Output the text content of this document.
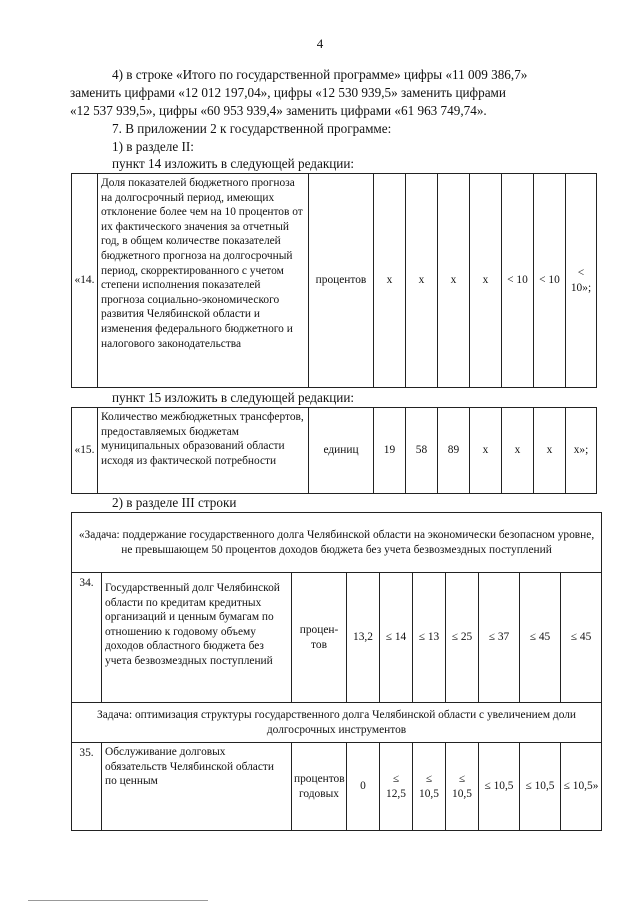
4
4) в строке «Итого по государственной программе» цифры «11 009 386,7»
заменить цифрами «12 012 197,04», цифры «12 530 939,5» заменить цифрами
«12 537 939,5», цифры «60 953 939,4» заменить цифрами «61 963 749,74».
7. В приложении 2 к государственной программе:
1) в разделе II:
пункт 14 изложить в следующей редакции:
«14.	Доля показателей бюджетного прогноза на долгосрочный период, имеющих отклонение более чем на 10 процентов от их фактического значения за отчетный год, в общем количестве показателей бюджетного прогноза на долгосрочный период, скорректированного с учетом степени исполнения показателей прогноза социально-экономического развития Челябинской области и изменения федерального бюджетного и налогового законодательства	процентов	x	x	x	x	< 10	< 10	< 10»;
пункт 15 изложить в следующей редакции:
«15.	Количество межбюджетных трансфертов, предоставляемых бюджетам муниципальных образований области исходя из фактической потребности	единиц	19	58	89	x	x	x	x»;
2) в разделе III строки
«Задача: поддержание государственного долга Челябинской области на экономически безопасном уровне, не превышающем 50 процентов доходов бюджета без учета безвозмездных поступлений									
34.	Государственный долг Челябинской области по кредитам кредитных организаций и ценным бумагам по отношению к годовому объему доходов областного бюджета без учета безвозмездных поступлений	процен-тов	13,2	≤ 14	≤ 13	≤ 25	≤ 37	≤ 45	≤ 45
Задача: оптимизация структуры государственного долга Челябинской области с увеличением доли долгосрочных инструментов									
35.	Обслуживание долговых обязательств Челябинской области по ценным	процентов годовых	0	≤ 12,5	≤ 10,5	≤ 10,5	≤ 10,5	≤ 10,5	≤ 10,5»
